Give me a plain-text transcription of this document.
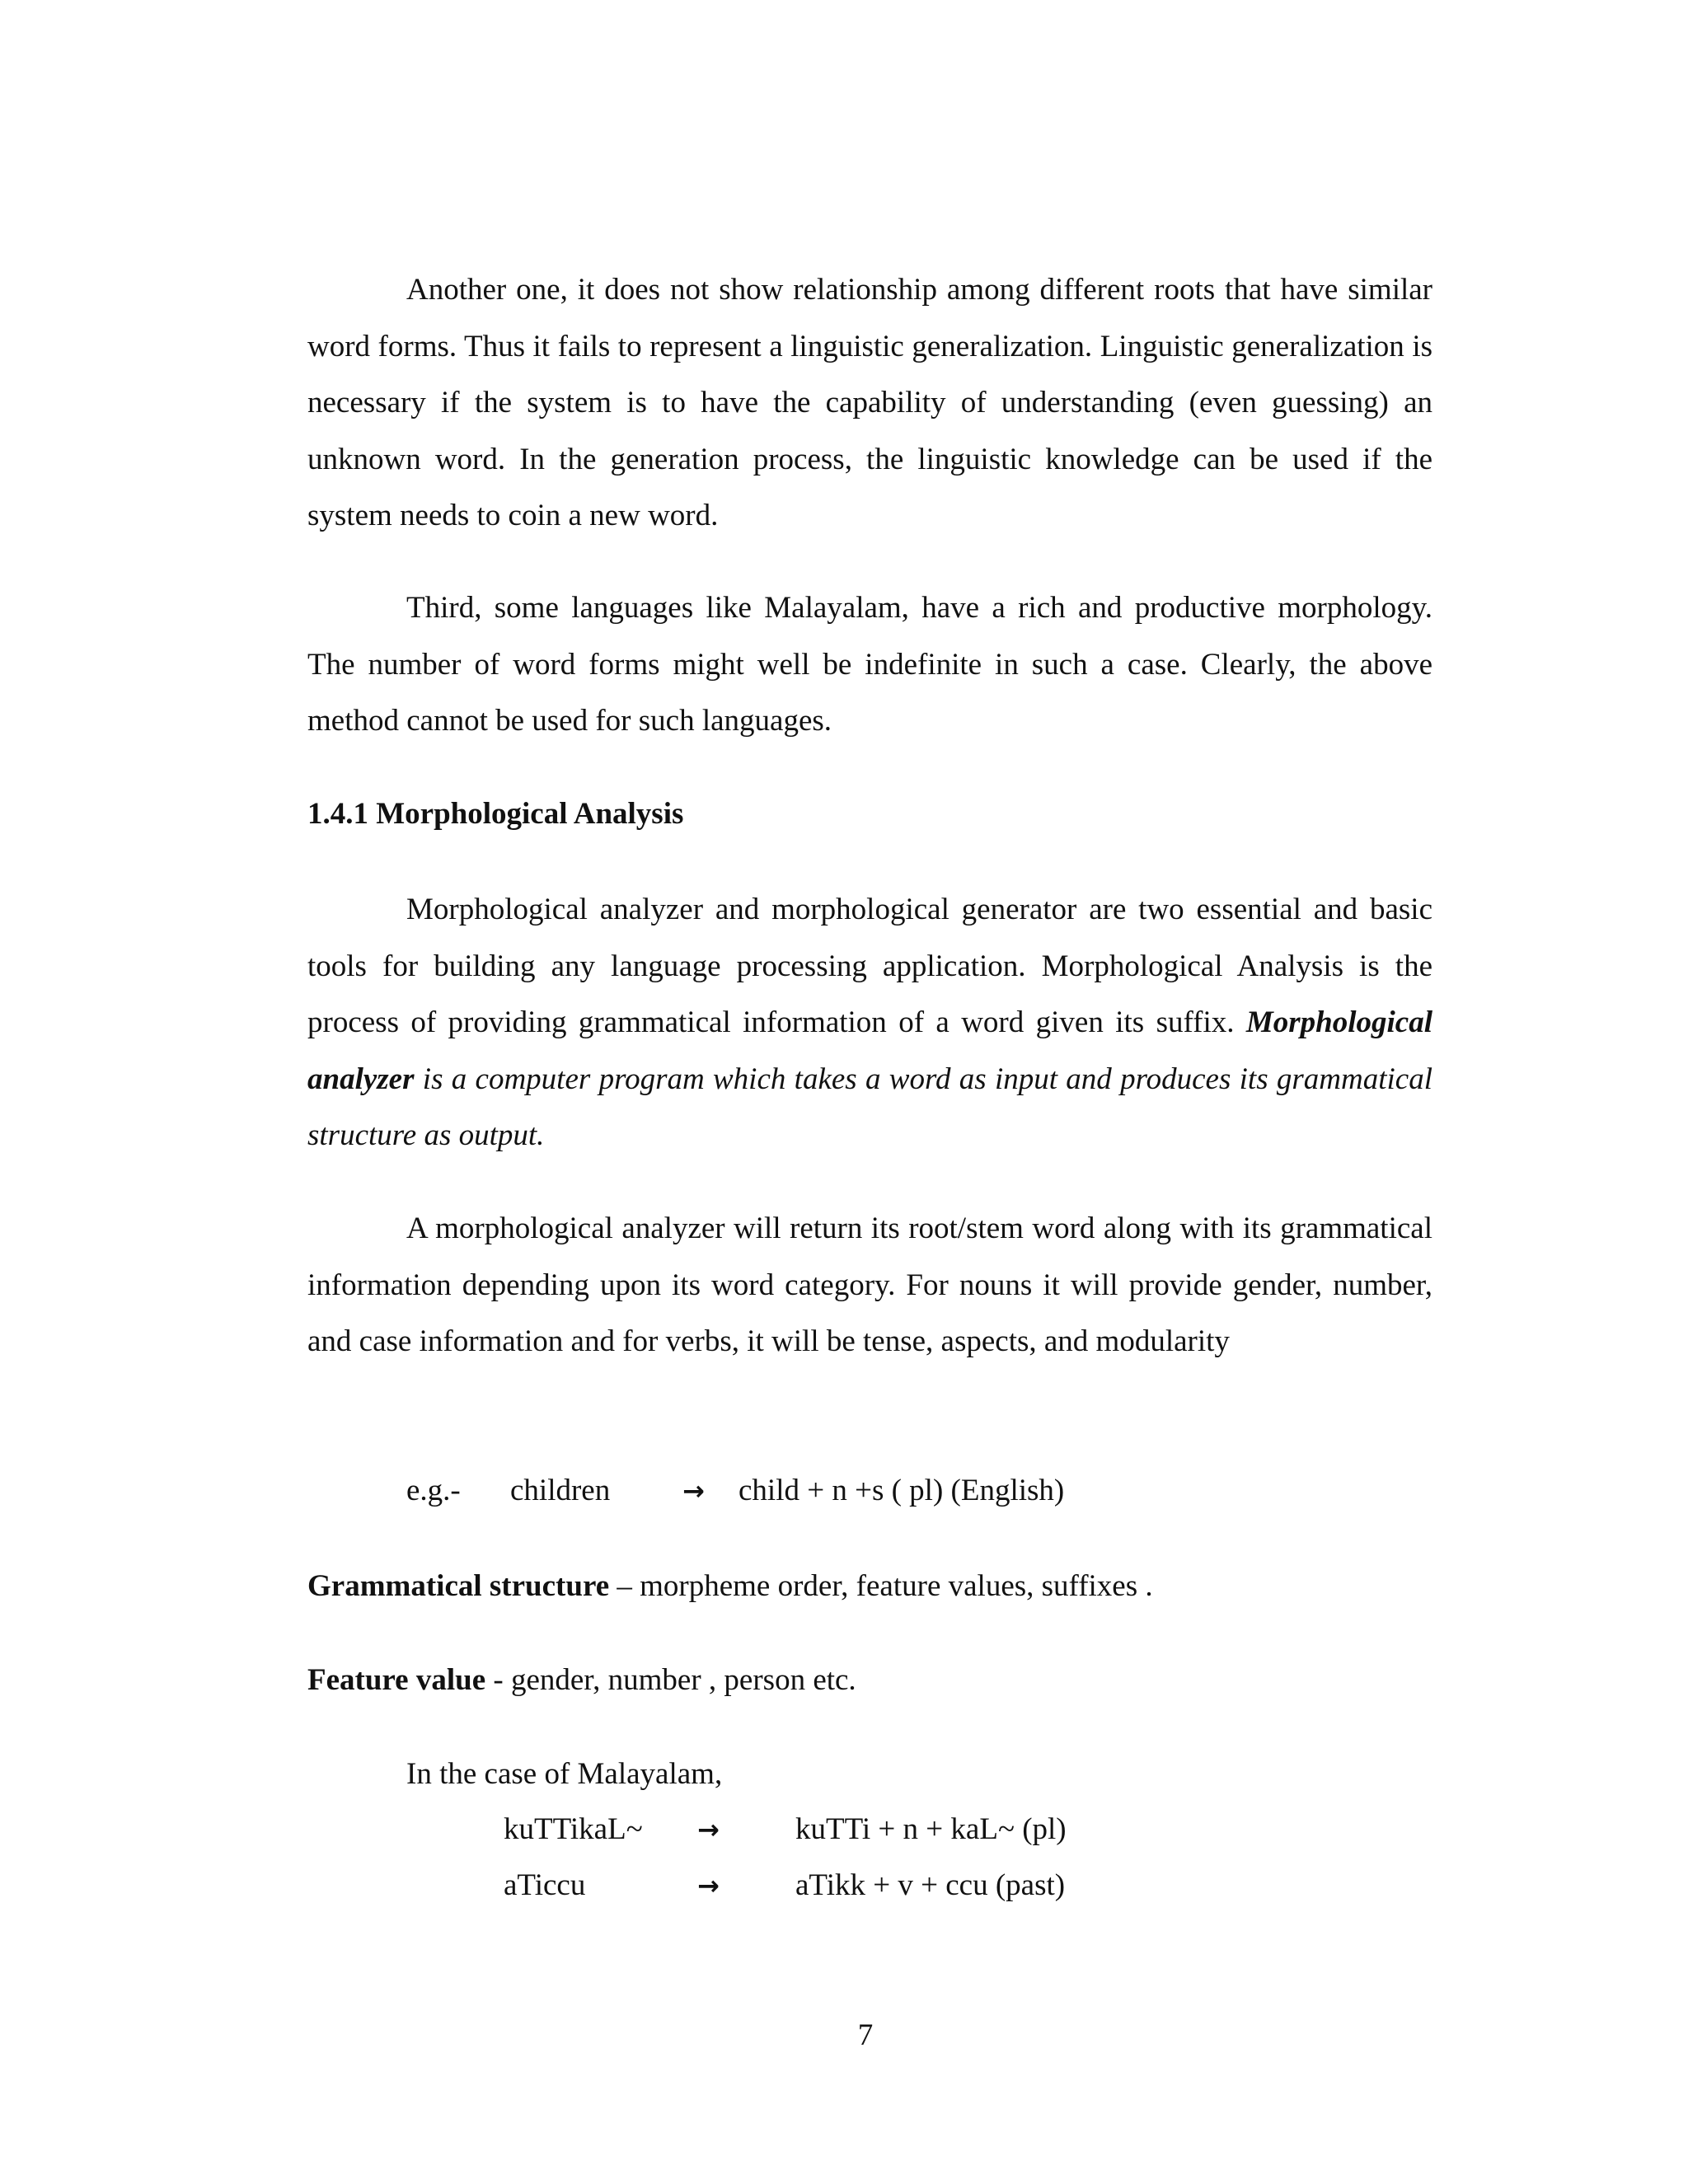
Another one, it does not show relationship among different roots that have similar word forms. Thus it fails to represent a linguistic generalization. Linguistic generalization is necessary if the system is to have the capability of understanding (even guessing) an unknown word. In the generation process, the linguistic knowledge can be used if the system needs to coin a new word.

Third, some languages like Malayalam, have a rich and productive morphology. The number of word forms might well be indefinite in such a case. Clearly, the above method cannot be used for such languages.

1.4.1 Morphological Analysis

Morphological analyzer and morphological generator are two essential and basic tools for building any language processing application. Morphological Analysis is the process of providing grammatical information of a word given its suffix. Morphological analyzer is a computer program which takes a word as input and produces its grammatical structure as output.

A morphological analyzer will return its root/stem word along with its grammatical information depending upon its word category. For nouns it will provide gender, number, and case information and for verbs, it will be tense, aspects, and modularity

e.g.- children	→ child + n +s ( pl) (English)

Grammatical structure – morpheme order, feature values, suffixes .

Feature value - gender, number , person etc.

In the case of Malayalam,

kuTTikaL~ → kuTTi + n + kaL~ (pl)
aTiccu	→ aTikk + v + ccu (past)
7
